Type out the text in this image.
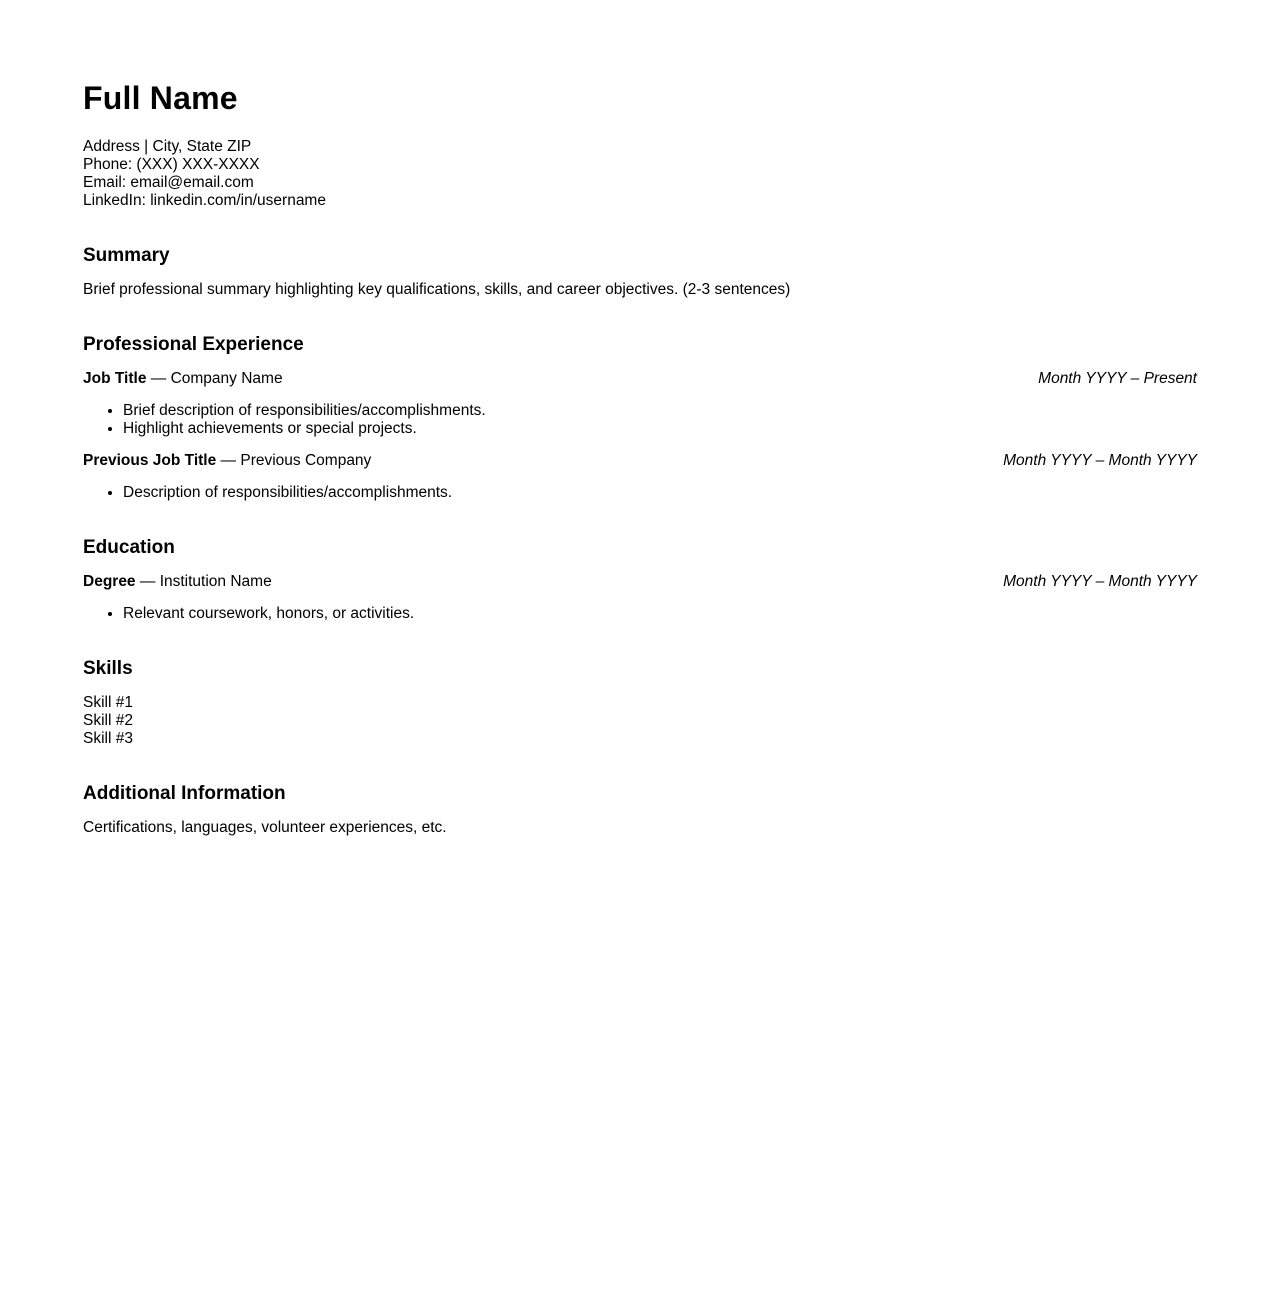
Full Name

Address | City, State ZIP

Phone: (XXX) XXX-XXXX

Email: email@email.com

LinkedIn: linkedin.com/in/username

Summary

Brief professional summary highlighting key qualifications, skills, and career objectives. (2-3 sentences)

Professional Experience
Job Title — Company Name	Month YYYY – Present
• Brief description of responsibilities/accomplishments.
• Highlight achievements or special projects.
Previous Job Title — Previous Company	Month YYYY – Month YYYY
• Description of responsibilities/accomplishments.
Education
Degree — Institution Name	Month YYYY – Month YYYY
• Relevant coursework, honors, or activities.
Skills

Skill #1

Skill #2

Skill #3

Additional Information

Certifications, languages, volunteer experiences, etc.
